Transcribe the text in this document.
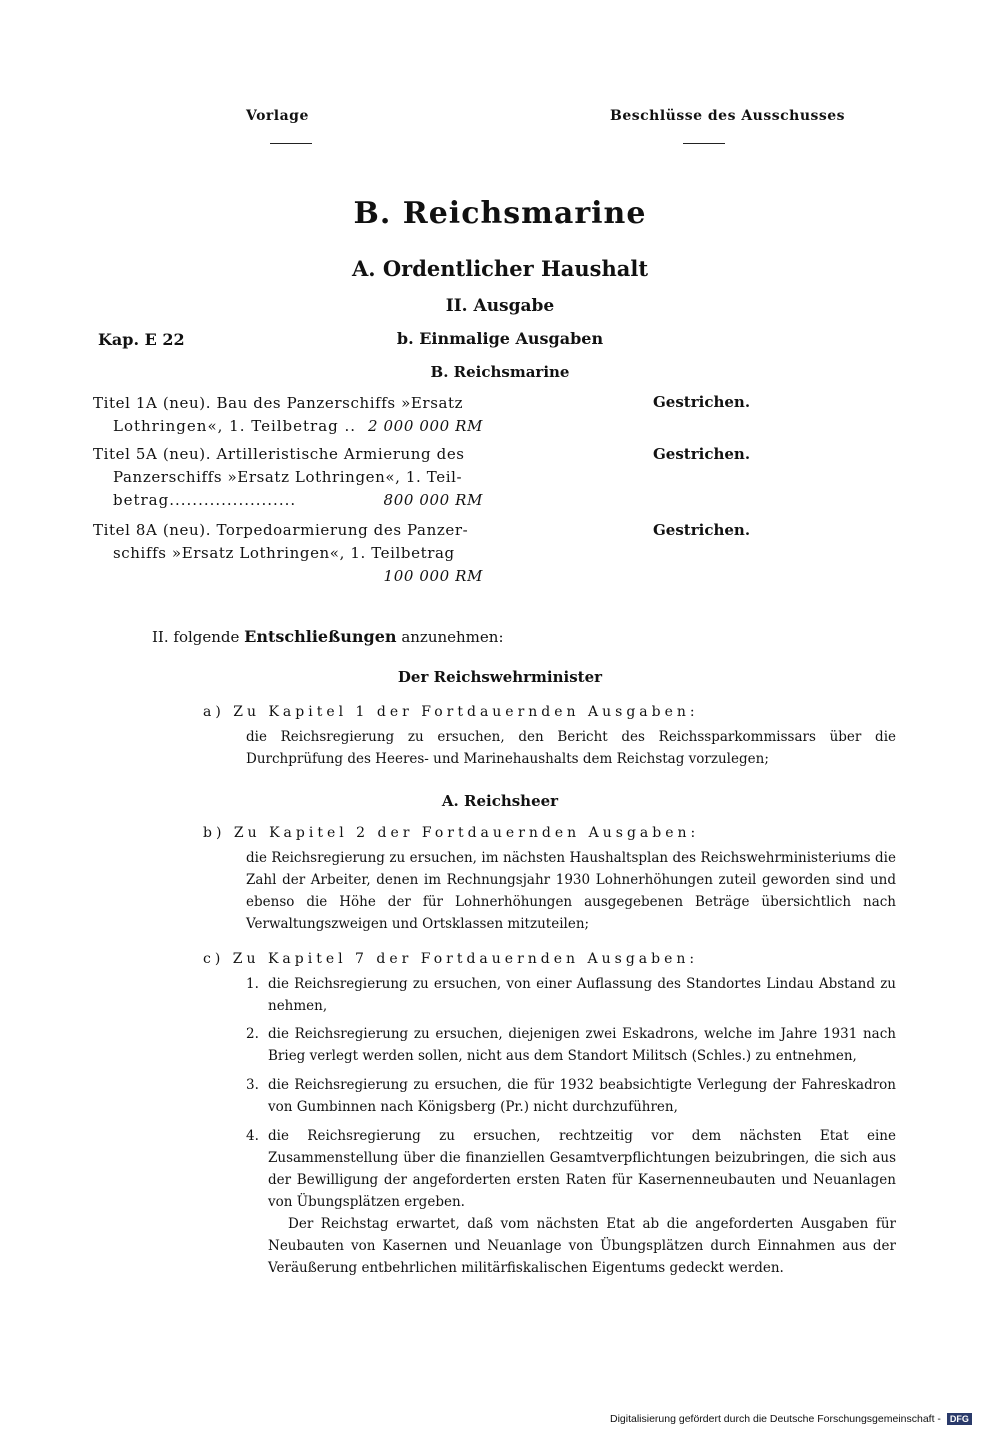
Vorlage	Beschlüsse des Ausschusses
B. Reichsmarine
A. Ordentlicher Haushalt
II. Ausgabe
Kap. E 22	b. Einmalige Ausgaben
B. Reichsmarine
Titel 1A (neu). Bau des Panzerschiffs »Ersatz
Lothringen«, 1. Teilbetrag .. 2 000 000 RM
Gestrichen.
Titel 5A (neu). Artilleristische Armierung des
Panzerschiffs »Ersatz Lothringen«, 1. Teil-
betrag......................	800 000 RM
Gestrichen.
Titel 8A (neu). Torpedoarmierung des Panzer-
schiffs »Ersatz Lothringen«, 1. Teilbetrag
100 000 RM
Gestrichen.
II. folgende Entschließungen anzunehmen:
Der Reichswehrminister
a) Zu Kapitel 1 der Fortdauernden Ausgaben:
die Reichsregierung zu ersuchen, den Bericht des Reichssparkommissars über die Durchprüfung des Heeres- und Marinehaushalts dem Reichstag vorzulegen;
A. Reichsheer
b) Zu Kapitel 2 der Fortdauernden Ausgaben:
die Reichsregierung zu ersuchen, im nächsten Haushaltsplan des Reichswehrministeriums die Zahl der Arbeiter, denen im Rechnungsjahr 1930 Lohnerhöhungen zuteil geworden sind und ebenso die Höhe der für Lohnerhöhungen ausgegebenen Beträge übersichtlich nach Verwaltungszweigen und Ortsklassen mitzuteilen;
c) Zu Kapitel 7 der Fortdauernden Ausgaben:
1. die Reichsregierung zu ersuchen, von einer Auflassung des Standortes Lindau Abstand zu nehmen,
2. die Reichsregierung zu ersuchen, diejenigen zwei Eskadrons, welche im Jahre 1931 nach Brieg verlegt werden sollen, nicht aus dem Standort Militsch (Schles.) zu entnehmen,
3. die Reichsregierung zu ersuchen, die für 1932 beabsichtigte Verlegung der Fahreskadron von Gumbinnen nach Königsberg (Pr.) nicht durchzuführen,
4. die Reichsregierung zu ersuchen, rechtzeitig vor dem nächsten Etat eine Zusammenstellung über die finanziellen Gesamtverpflichtungen beizubringen, die sich aus der Bewilligung der angeforderten ersten Raten für Kasernenneubauten und Neuanlagen von Übungsplätzen ergeben.
Der Reichstag erwartet, daß vom nächsten Etat ab die angeforderten Ausgaben für Neubauten von Kasernen und Neuanlage von Übungsplätzen durch Einnahmen aus der Veräußerung entbehrlichen militärfiskalischen Eigentums gedeckt werden.
Digitalisierung gefördert durch die Deutsche Forschungsgemeinschaft - DFG
